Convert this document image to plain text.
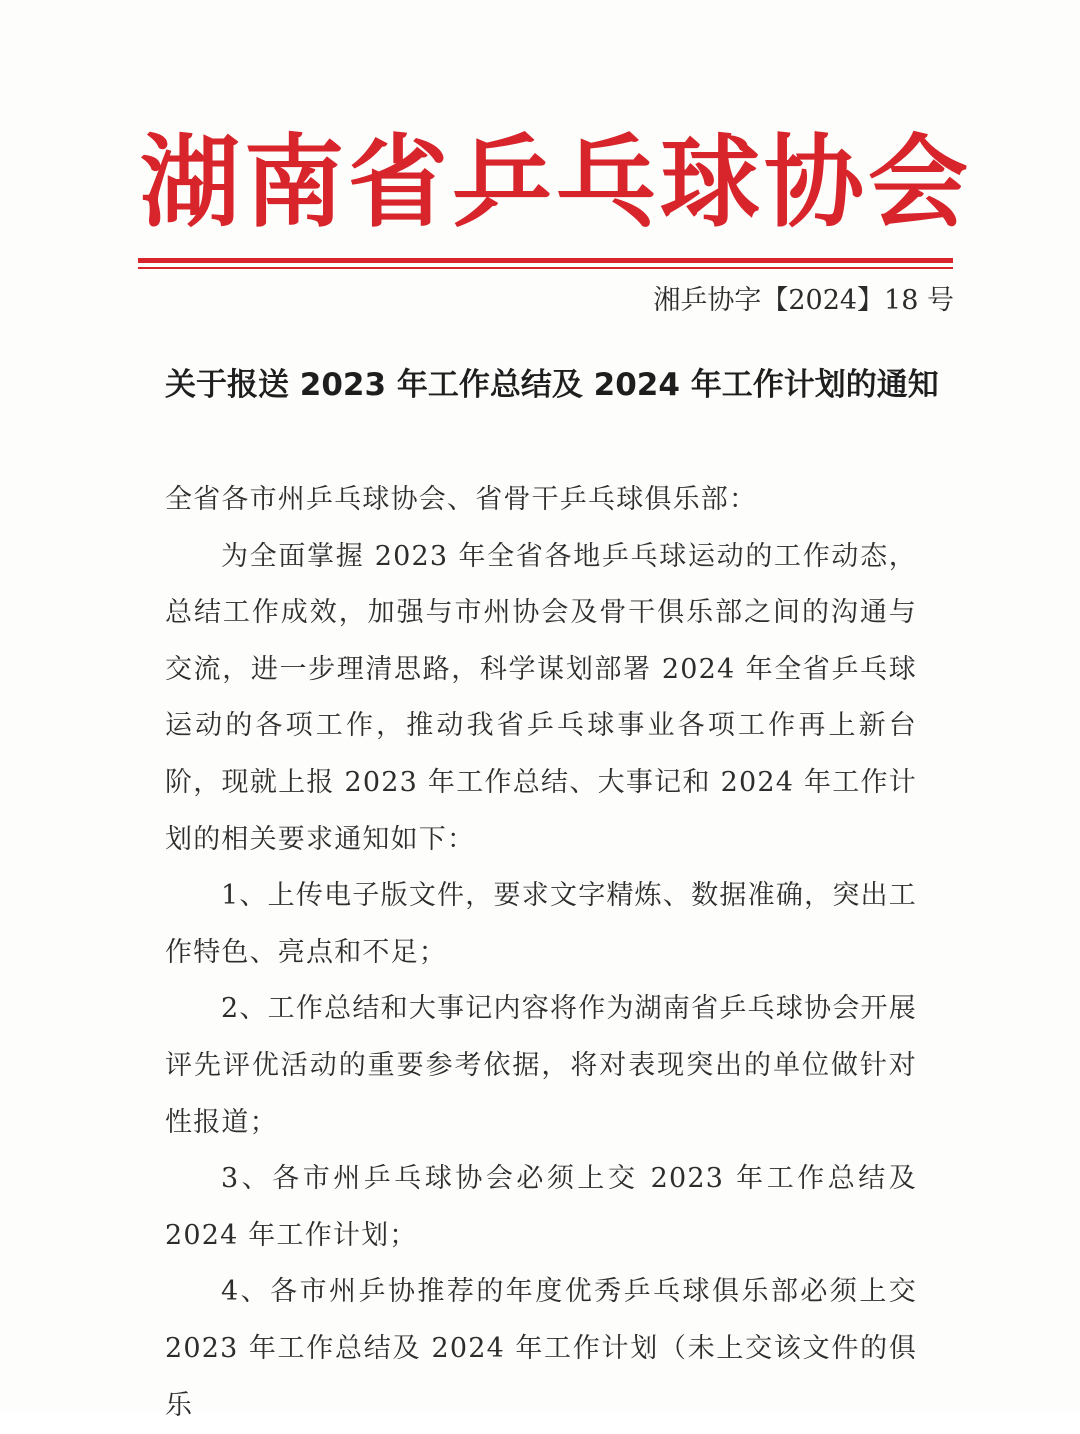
湖南省乒乓球协会
湘乒协字【2024】18 号
关于报送 2023 年工作总结及 2024 年工作计划的通知

全省各市州乒乓球协会、省骨干乒乓球俱乐部：

为全面掌握 2023 年全省各地乒乓球运动的工作动态，总结工作成效，加强与市州协会及骨干俱乐部之间的沟通与交流，进一步理清思路，科学谋划部署 2024 年全省乒乓球运动的各项工作，推动我省乒乓球事业各项工作再上新台阶，现就上报 2023 年工作总结、大事记和 2024 年工作计划的相关要求通知如下：

1、上传电子版文件，要求文字精炼、数据准确，突出工作特色、亮点和不足；

2、工作总结和大事记内容将作为湖南省乒乓球协会开展评先评优活动的重要参考依据，将对表现突出的单位做针对性报道；

3、各市州乒乓球协会必须上交 2023 年工作总结及 2024 年工作计划；

4、各市州乒协推荐的年度优秀乒乓球俱乐部必须上交 2023 年工作总结及 2024 年工作计划（未上交该文件的俱乐
